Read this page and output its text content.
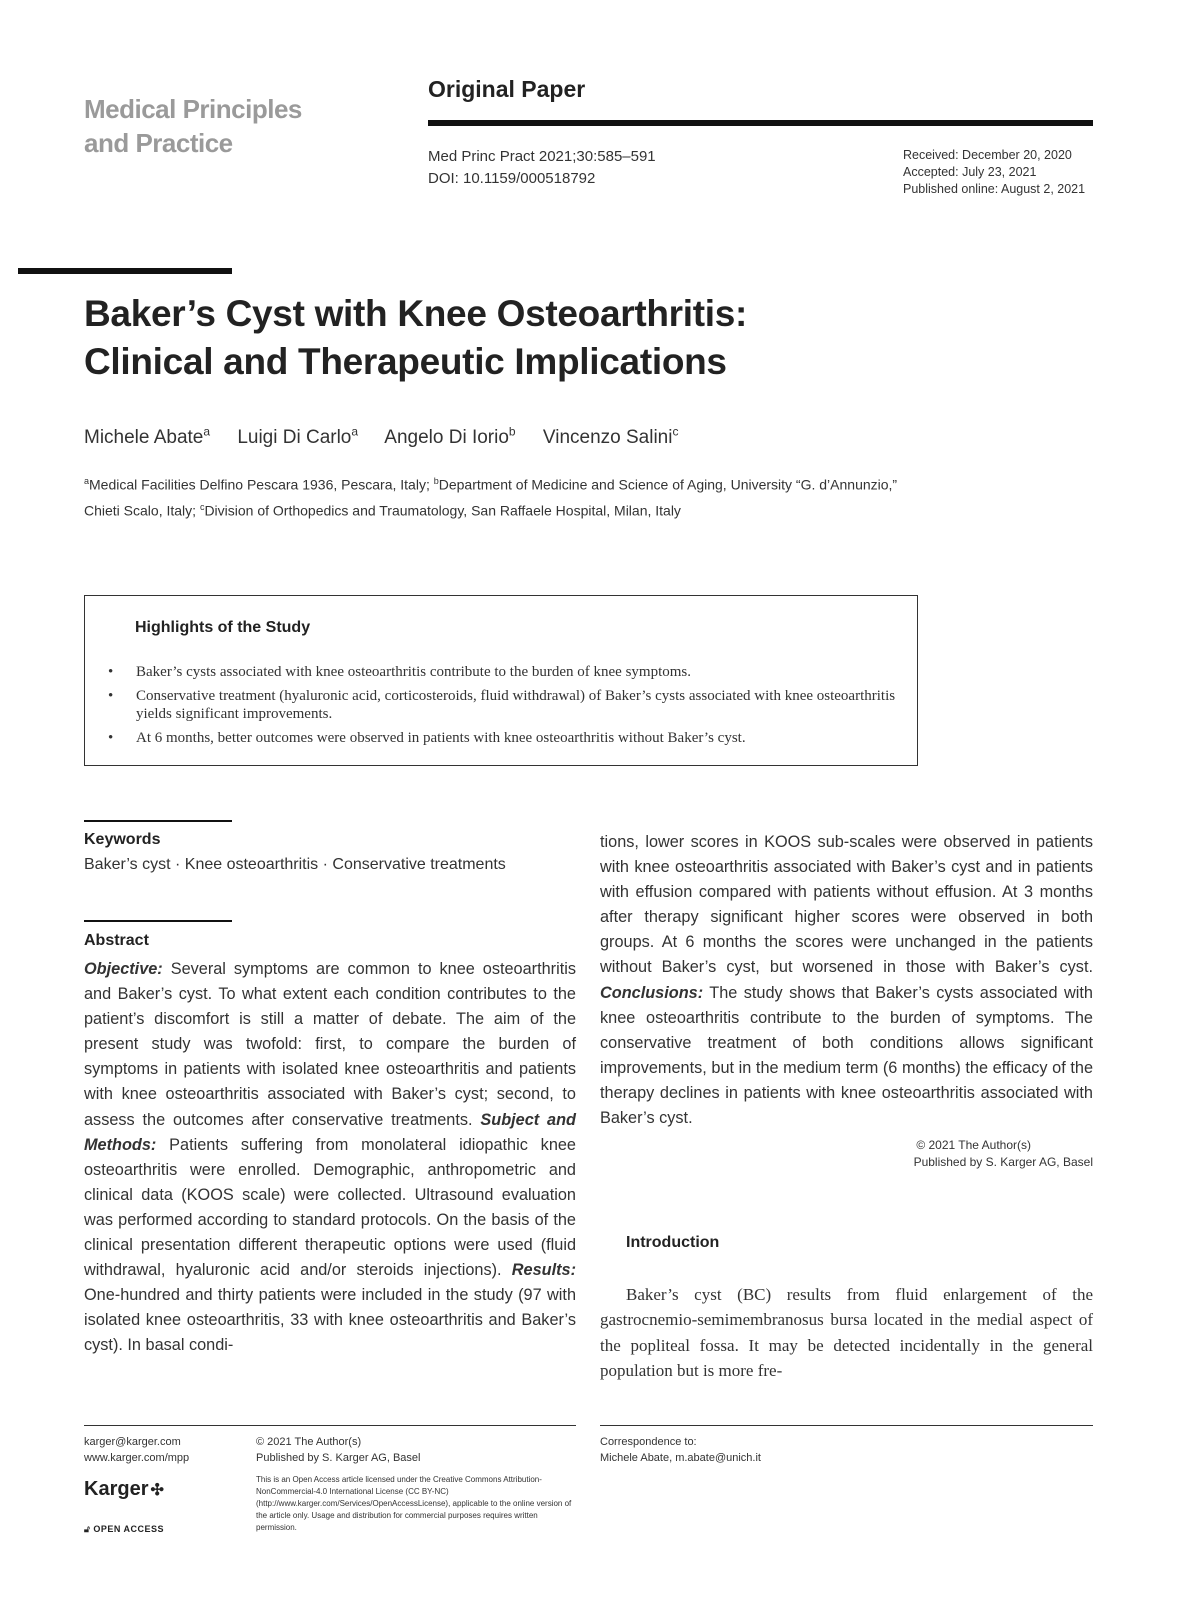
Medical Principles
and Practice
Original Paper
Med Princ Pract 2021;30:585–591
DOI: 10.1159/000518792
Received: December 20, 2020
Accepted: July 23, 2021
Published online: August 2, 2021
Baker’s Cyst with Knee Osteoarthritis:
Clinical and Therapeutic Implications
Michele Abate$^a$ Luigi Di Carlo$^a$ Angelo Di Iorio$^b$ Vincenzo Salini$^c$
$^a$Medical Facilities Delfino Pescara 1936, Pescara, Italy; $^b$Department of Medicine and Science of Aging, University “G. d’Annunzio,” Chieti Scalo, Italy; $^c$Division of Orthopedics and Traumatology, San Raffaele Hospital, Milan, Italy
Highlights of the Study
• Baker’s cysts associated with knee osteoarthritis contribute to the burden of knee symptoms.
• Conservative treatment (hyaluronic acid, corticosteroids, fluid withdrawal) of Baker’s cysts associated with knee osteoarthritis yields significant improvements.
• At 6 months, better outcomes were observed in patients with knee osteoarthritis without Baker’s cyst.
Keywords
Baker’s cyst · Knee osteoarthritis · Conservative treatments
Abstract
Objective: Several symptoms are common to knee osteoarthritis and Baker’s cyst. To what extent each condition contributes to the patient’s discomfort is still a matter of debate. The aim of the present study was twofold: first, to compare the burden of symptoms in patients with isolated knee osteoarthritis and patients with knee osteoarthritis associated with Baker’s cyst; second, to assess the outcomes after conservative treatments. Subject and Methods: Patients suffering from monolateral idiopathic knee osteoarthritis were enrolled. Demographic, anthropometric and clinical data (KOOS scale) were collected. Ultrasound evaluation was performed according to standard protocols. On the basis of the clinical presentation different therapeutic options were used (fluid withdrawal, hyaluronic acid and/or steroids injections). Results: One-hundred and thirty patients were included in the study (97 with isolated knee osteoarthritis, 33 with knee osteoarthritis and Baker’s cyst). In basal condi-
tions, lower scores in KOOS sub-scales were observed in patients with knee osteoarthritis associated with Baker’s cyst and in patients with effusion compared with patients without effusion. At 3 months after therapy significant higher scores were observed in both groups. At 6 months the scores were unchanged in the patients without Baker’s cyst, but worsened in those with Baker’s cyst. Conclusions: The study shows that Baker’s cysts associated with knee osteoarthritis contribute to the burden of symptoms. The conservative treatment of both conditions allows significant improvements, but in the medium term (6 months) the efficacy of the therapy declines in patients with knee osteoarthritis associated with Baker’s cyst.
© 2021 The Author(s)
Published by S. Karger AG, Basel
Introduction

Baker’s cyst (BC) results from fluid enlargement of the gastrocnemio-semimembranosus bursa located in the medial aspect of the popliteal fossa. It may be detected incidentally in the general population but is more fre-

karger@karger.com
www.karger.com/mpp
Karger ✣
🔓︎ OPEN ACCESS
© 2021 The Author(s)
Published by S. Karger AG, Basel
This is an Open Access article licensed under the Creative Commons Attribution-NonCommercial-4.0 International License (CC BY-NC) (http://www.karger.com/Services/OpenAccessLicense), applicable to the online version of the article only. Usage and distribution for commercial purposes requires written permission.
Correspondence to:
Michele Abate, m.abate@unich.it
